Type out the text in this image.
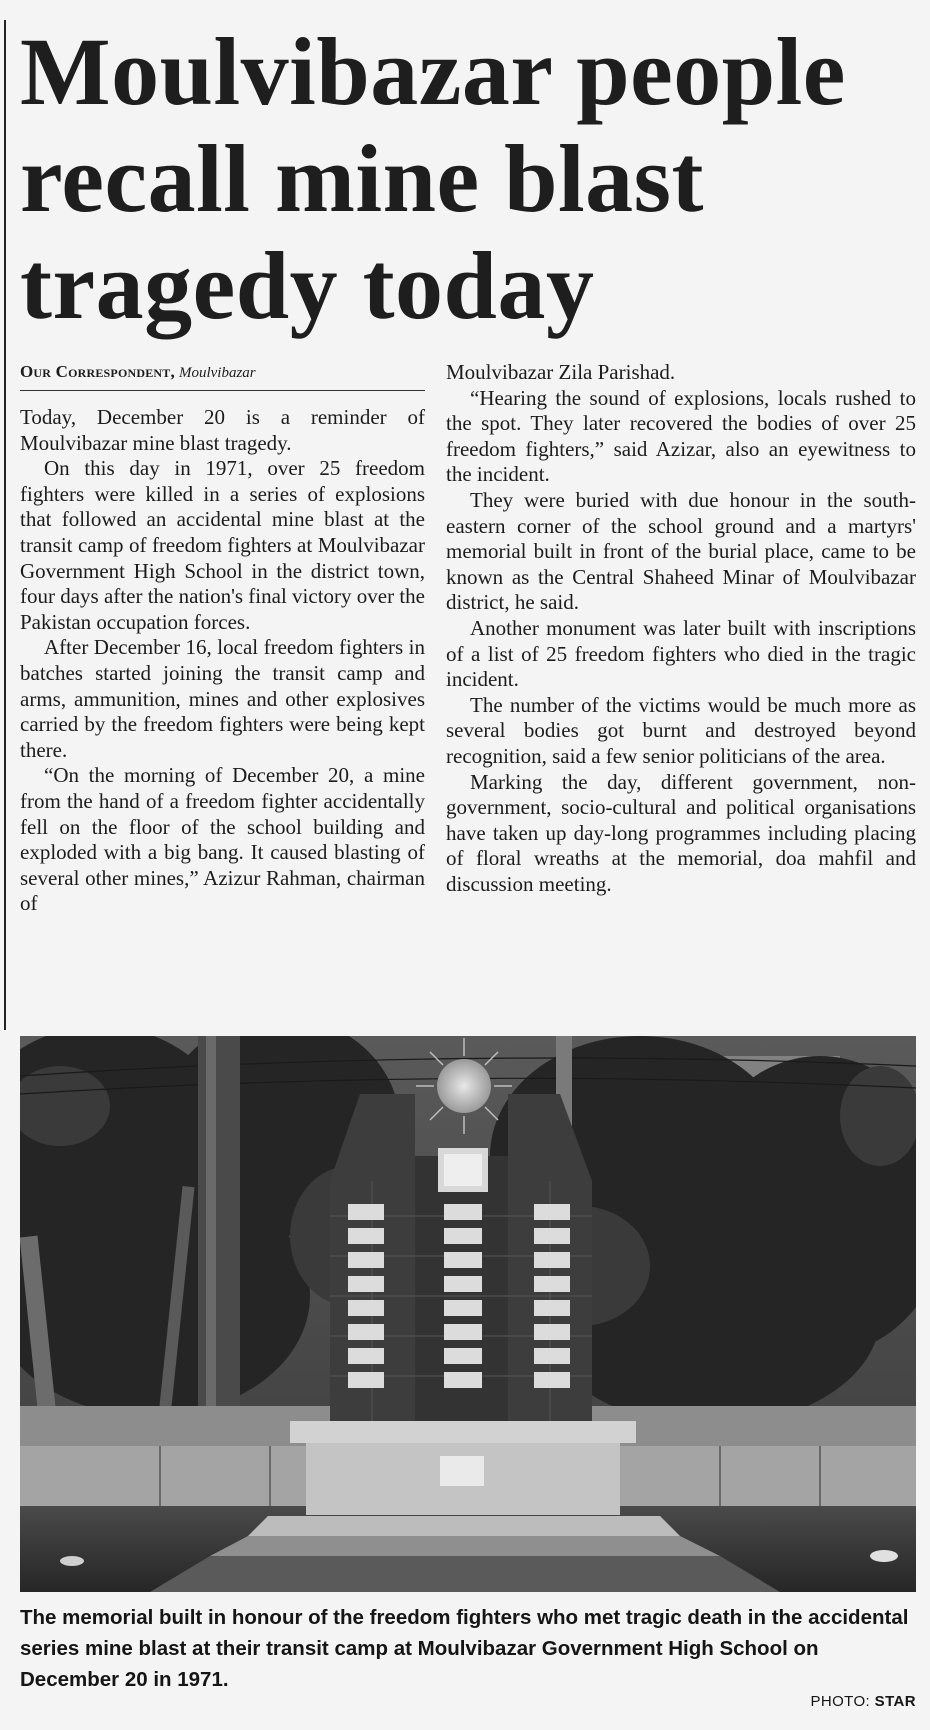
Moulvibazar people recall mine blast tragedy today
Our Correspondent, Moulvibazar

Today, December 20 is a reminder of Moulvibazar mine blast tragedy.

On this day in 1971, over 25 freedom fighters were killed in a series of explosions that followed an accidental mine blast at the transit camp of freedom fighters at Moulvibazar Government High School in the district town, four days after the nation's final victory over the Pakistan occupation forces.

After December 16, local freedom fighters in batches started joining the transit camp and arms, ammunition, mines and other explosives carried by the freedom fighters were being kept there.

“On the morning of December 20, a mine from the hand of a freedom fighter accidentally fell on the floor of the school building and exploded with a big bang. It caused blasting of several other mines,” Azizur Rahman, chairman of

Moulvibazar Zila Parishad.

“Hearing the sound of explosions, locals rushed to the spot. They later recovered the bodies of over 25 freedom fighters,” said Azizar, also an eyewitness to the incident.

They were buried with due honour in the south-eastern corner of the school ground and a martyrs' memorial built in front of the burial place, came to be known as the Central Shaheed Minar of Moulvibazar district, he said.

Another monument was later built with inscriptions of a list of 25 freedom fighters who died in the tragic incident.

The number of the victims would be much more as several bodies got burnt and destroyed beyond recognition, said a few senior politicians of the area.

Marking the day, different government, non-government, socio-cultural and political organisations have taken up day-long programmes including placing of floral wreaths at the memorial, doa mahfil and discussion meeting.

The memorial built in honour of the freedom fighters who met tragic death in the accidental series mine blast at their transit camp at Moulvibazar Government High School on December 20 in 1971.
PHOTO: STAR
